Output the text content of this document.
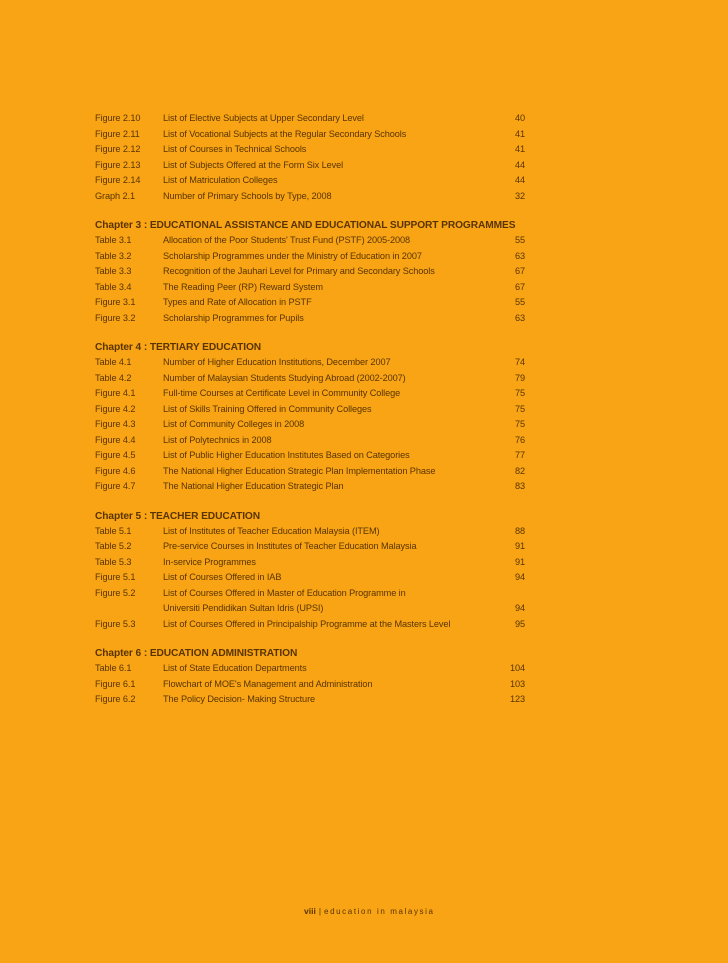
Figure 2.10	List of Elective Subjects at Upper Secondary Level	40
Figure 2.11	List of Vocational Subjects at the Regular Secondary Schools	41
Figure 2.12	List of Courses in Technical Schools	41
Figure 2.13	List of Subjects Offered at the Form Six Level	44
Figure 2.14	List of Matriculation Colleges	44
Graph 2.1	Number of Primary Schools by Type, 2008	32
Chapter 3 : EDUCATIONAL ASSISTANCE AND EDUCATIONAL SUPPORT PROGRAMMES
Table 3.1	Allocation of the Poor Students' Trust Fund (PSTF) 2005-2008	55
Table 3.2	Scholarship Programmes under the Ministry of Education in 2007	63
Table 3.3	Recognition of the Jauhari Level for Primary and Secondary Schools	67
Table 3.4	The Reading Peer (RP) Reward System	67
Figure 3.1	Types and Rate of Allocation in PSTF	55
Figure 3.2	Scholarship Programmes for Pupils	63
Chapter 4 : TERTIARY EDUCATION
Table 4.1	Number of Higher Education Institutions, December 2007	74
Table 4.2	Number of Malaysian Students Studying Abroad (2002-2007)	79
Figure 4.1	Full-time Courses at Certificate Level in Community College	75
Figure 4.2	List of Skills Training Offered in Community Colleges	75
Figure 4.3	List of Community Colleges in 2008	75
Figure 4.4	List of Polytechnics in 2008	76
Figure 4.5	List of Public Higher Education Institutes Based on Categories	77
Figure 4.6	The National Higher Education Strategic Plan Implementation Phase	82
Figure 4.7	The National Higher Education Strategic Plan	83
Chapter 5 : TEACHER EDUCATION
Table 5.1	List of Institutes of Teacher Education Malaysia (ITEM)	88
Table 5.2	Pre-service Courses in Institutes of Teacher Education Malaysia	91
Table 5.3	In-service Programmes	91
Figure 5.1	List of Courses Offered in IAB	94
Figure 5.2	List of Courses Offered in Master of Education Programme in
Universiti Pendidikan Sultan Idris (UPSI)	94
Figure 5.3	List of Courses Offered in Principalship Programme at the Masters Level	95
Chapter 6 : EDUCATION ADMINISTRATION
Table 6.1	List of State Education Departments	104
Figure 6.1	Flowchart of MOE's Management and Administration	103
Figure 6.2	The Policy Decision- Making Structure	123
viii | education in malaysia
